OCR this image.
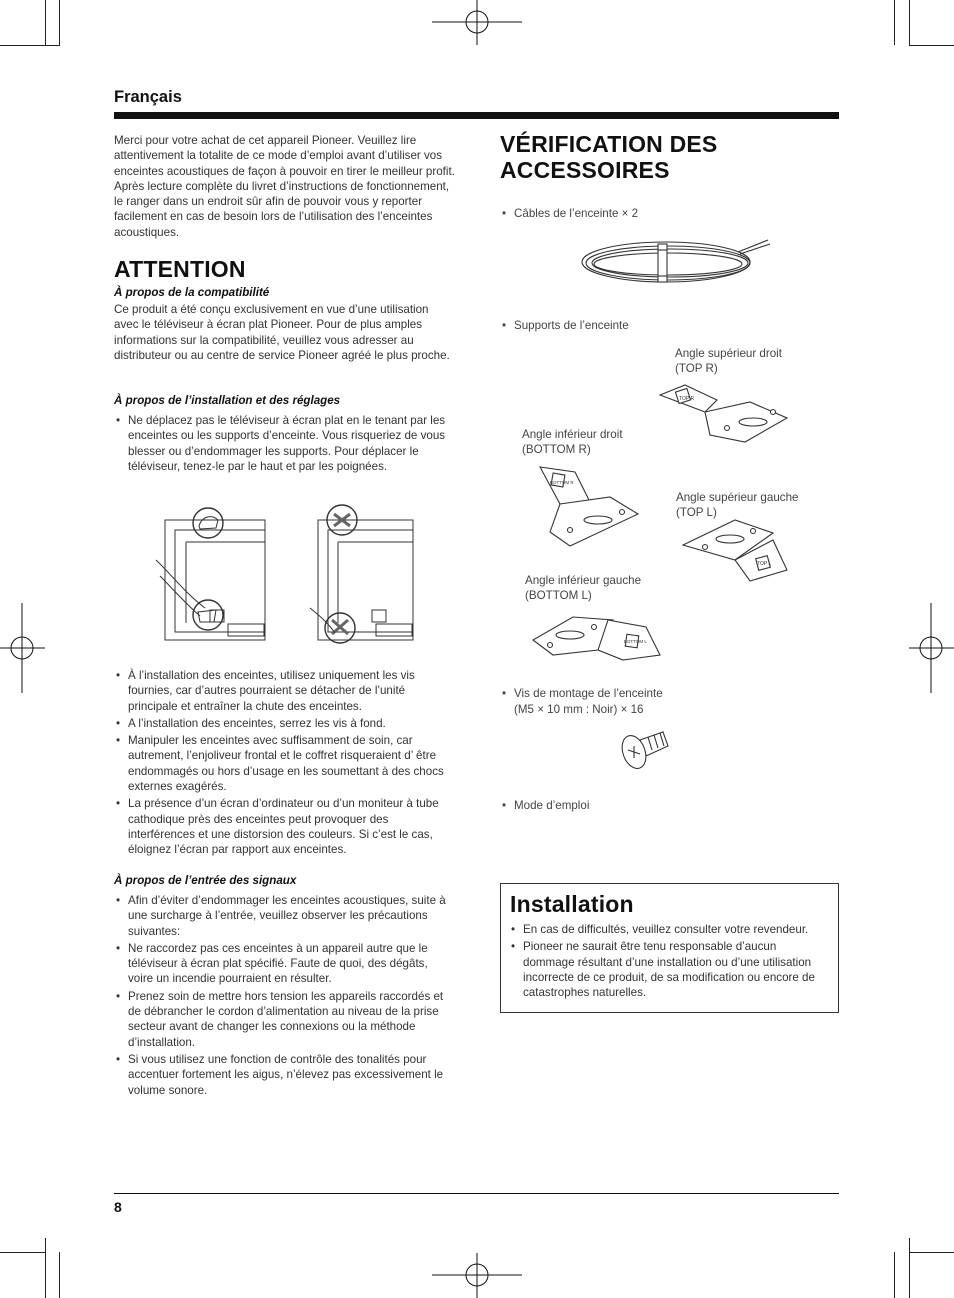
Français
Merci pour votre achat de cet appareil Pioneer. Veuillez lire attentivement la totalite de ce mode d’emploi avant d’utiliser vos enceintes acoustiques de façon à pouvoir en tirer le meilleur profit. Après lecture complète du livret d’instructions de fonctionnement, le ranger dans un endroit sûr afin de pouvoir vous y reporter facilement en cas de besoin lors de l’utilisation des l’enceintes acoustiques.
ATTENTION
À propos de la compatibilité
Ce produit a été conçu exclusivement en vue d’une utilisation avec le téléviseur à écran plat Pioneer. Pour de plus amples informations sur la compatibilité, veuillez vous adresser au distributeur ou au centre de service Pioneer agréé le plus proche.
À propos de l’installation et des réglages
• Ne déplacez pas le téléviseur à écran plat en le tenant par les enceintes ou les supports d’enceinte. Vous risqueriez de vous blesser ou d’endommager les supports. Pour déplacer le téléviseur, tenez-le par le haut et par les poignées.
• À l’installation des enceintes, utilisez uniquement les vis fournies, car d’autres pourraient se détacher de l’unité principale et entraîner la chute des enceintes.
• A l’installation des enceintes, serrez les vis à fond.
• Manipuler les enceintes avec suffisamment de soin, car autrement, l’enjoliveur frontal et le coffret risqueraient d’ être endommagés ou hors d’usage en les soumettant à des chocs externes exagérés.
• La présence d’un écran d’ordinateur ou d’un moniteur à tube cathodique près des enceintes peut provoquer des interférences et une distorsion des couleurs. Si c’est le cas, éloignez l’écran par rapport aux enceintes.
À propos de l’entrée des signaux
• Afin d’éviter d’endommager les enceintes acoustiques, suite à une surcharge à l’entrée, veuillez observer les précautions suivantes:
• Ne raccordez pas ces enceintes à un appareil autre que le téléviseur à écran plat spécifié. Faute de quoi, des dégâts, voire un incendie pourraient en résulter.
• Prenez soin de mettre hors tension les appareils raccordés et de débrancher le cordon d’alimentation au niveau de la prise secteur avant de changer les connexions ou la méthode d’installation.
• Si vous utilisez une fonction de contrôle des tonalités pour accentuer fortement les aigus, n’élevez pas excessivement le volume sonore.
VÉRIFICATION DES
ACCESSOIRES
• Câbles de l’enceinte × 2
• Supports de l’enceinte
Angle supérieur droit
(TOP R)
TOP R
Angle inférieur droit
(BOTTOM R)
BOTTOM R
Angle supérieur gauche
(TOP L)
TOP L
Angle inférieur gauche
(BOTTOM L)
BOTTOM L
• Vis de montage de l’enceinte
(M5 × 10 mm : Noir) × 16
• Mode d’emploi
Installation
• En cas de difficultés, veuillez consulter votre revendeur.
• Pioneer ne saurait être tenu responsable d’aucun dommage résultant d’une installation ou d’une utilisation incorrecte de ce produit, de sa modification ou encore de catastrophes naturelles.
8
